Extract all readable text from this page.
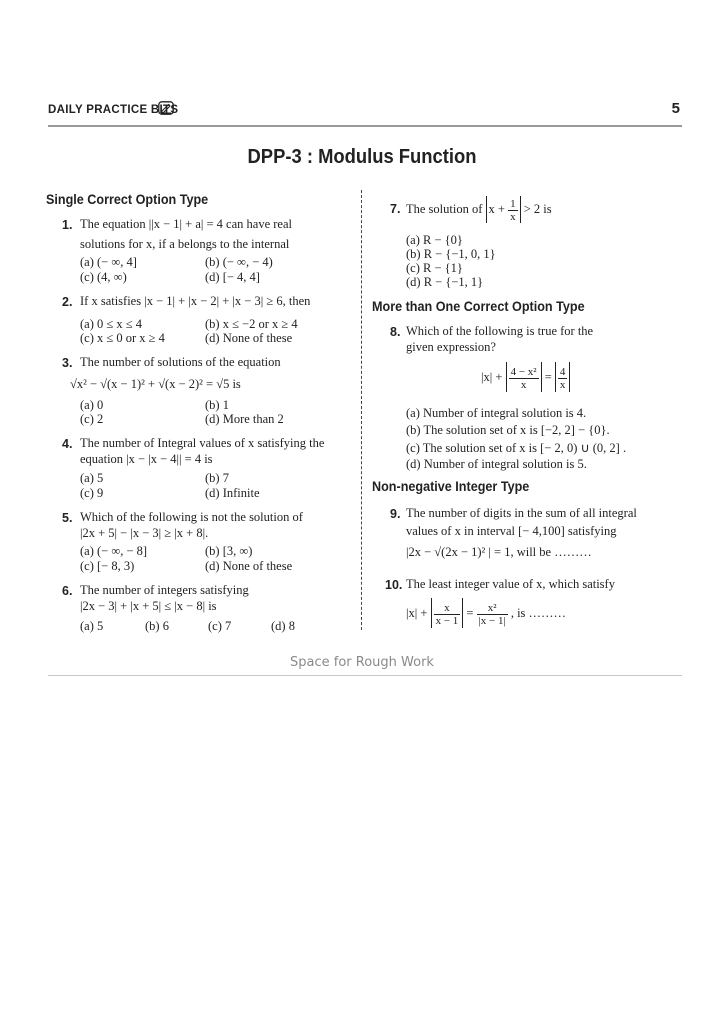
DAILY PRACTICE BITS	5
DPP-3 : Modulus Function
Single Correct Option Type
1. The equation ||x − 1| + a| = 4 can have real
solutions for x, if a belongs to the internal
(a) (− ∞, 4]	(b) (− ∞, − 4)
(c) (4, ∞)	(d) [− 4, 4]
2. If x satisfies |x − 1| + |x − 2| + |x − 3| ≥ 6, then
(a) 0 ≤ x ≤ 4	(b) x ≤ −2 or x ≥ 4
(c) x ≤ 0 or x ≥ 4	(d) None of these
3. The number of solutions of the equation
√x² − √(x − 1)² + √(x − 2)² = √5 is
(a) 0	(b) 1
(c) 2	(d) More than 2
4. The number of Integral values of x satisfying the
equation |x − |x − 4|| = 4 is
(a) 5	(b) 7
(c) 9	(d) Infinite
5. Which of the following is not the solution of
|2x + 5| − |x − 3| ≥ |x + 8|.
(a) (− ∞, − 8]	(b) [3, ∞)
(c) [− 8, 3)	(d) None of these
6. The number of integers satisfying
|2x − 3| + |x + 5| ≤ |x − 8| is
(a) 5	(b) 6	(c) 7	(d) 8
7. The solution of $x + \frac{1}{x} > 2$ is
(a) R − {0}
(b) R − {−1, 0, 1}
(c) R − {1}
(d) R − {−1, 1}
More than One Correct Option Type
8. Which of the following is true for the
given expression?
$|x| + \frac{\text{4 − x²}}{x} = \frac{4}{x}$
(a) Number of integral solution is 4.
(b) The solution set of x is [−2, 2] − {0}.
(c) The solution set of x is [− 2, 0) ∪ (0, 2] .
(d) Number of integral solution is 5.
Non-negative Integer Type
9. The number of digits in the sum of all integral
values of x in interval [− 4,100] satisfying
|2x − √(2x − 1)² | = 1, will be ………
10. The least integer value of x, which satisfy
$|x| + \frac{x}{x - 1} = \frac{\text{x²}}{|x - 1|}$ , is ………
Space for Rough Work
